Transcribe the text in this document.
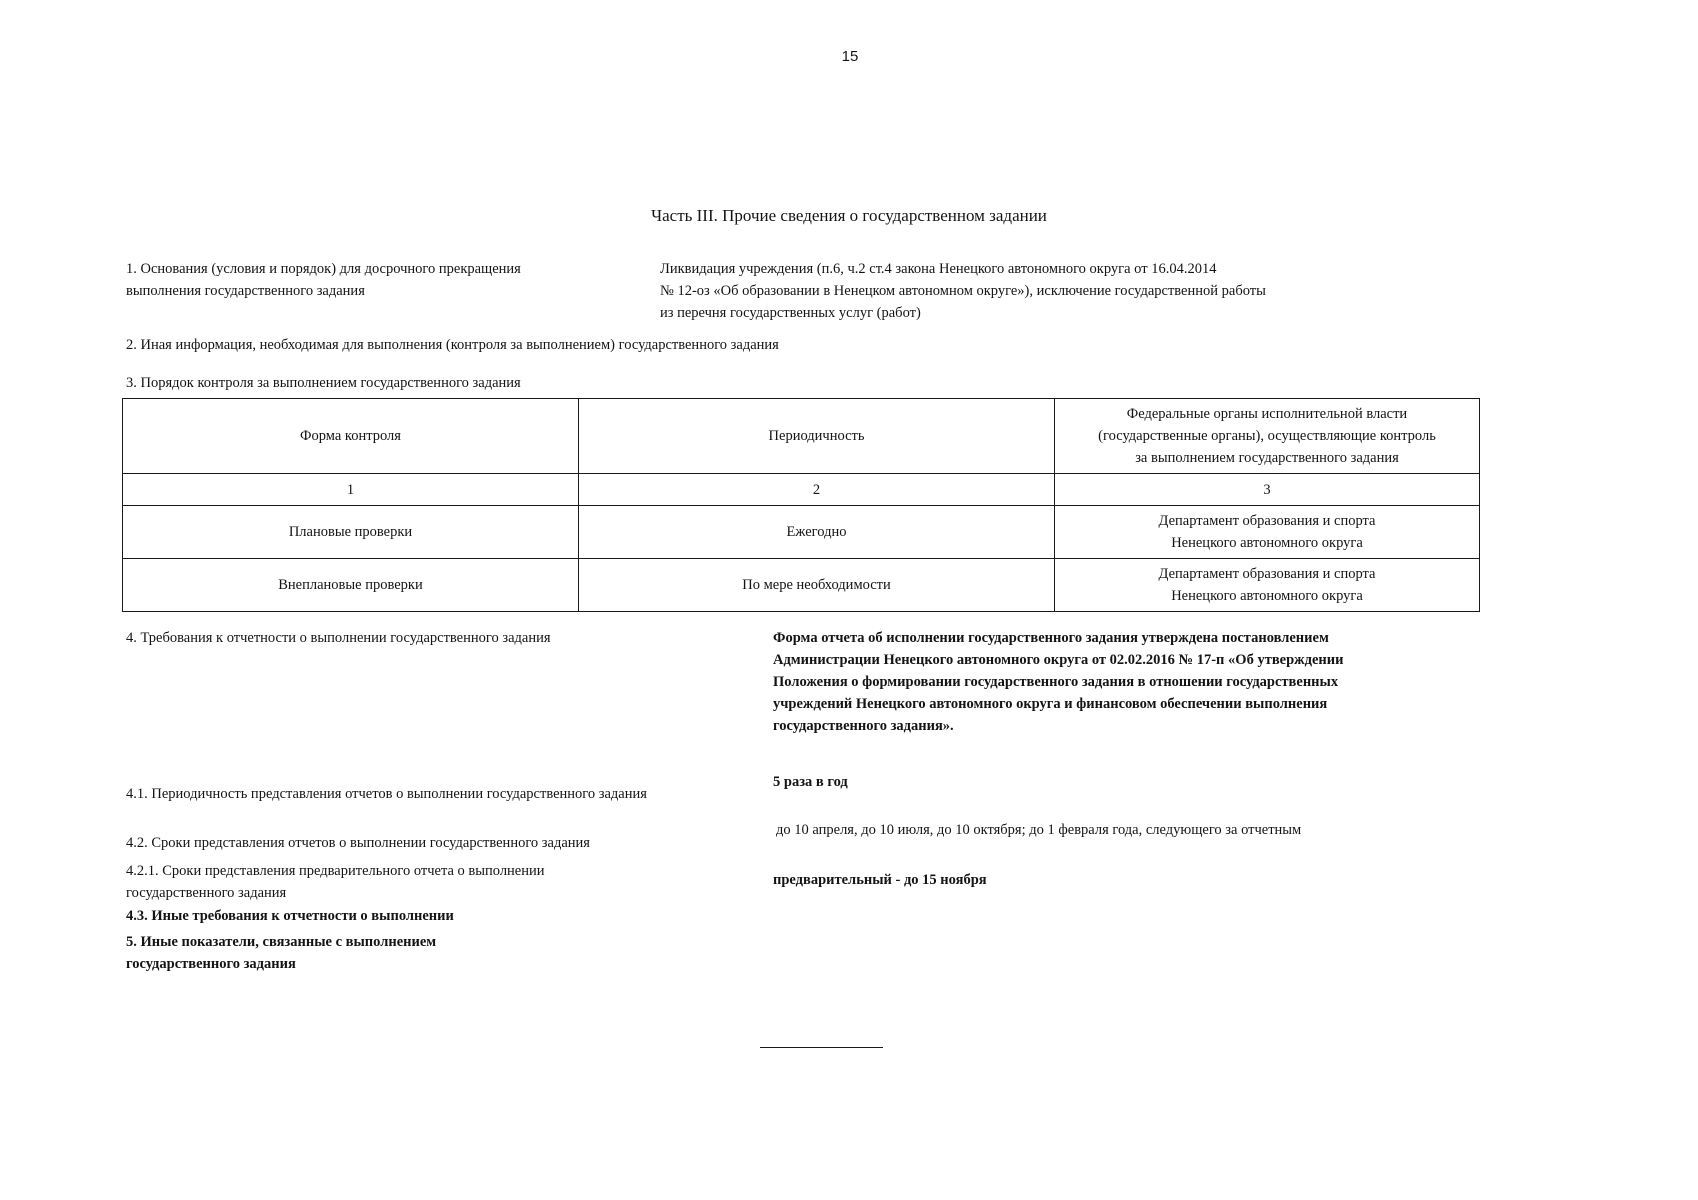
15
Часть III. Прочие сведения о государственном задании
1. Основания (условия и порядок) для досрочного прекращения
выполнения государственного задания
Ликвидация учреждения (п.6, ч.2 ст.4 закона Ненецкого автономного округа от 16.04.2014
№ 12-оз «Об образовании в Ненецком автономном округе»), исключение государственной работы
из перечня государственных услуг (работ)
2. Иная информация, необходимая для выполнения (контроля за выполнением) государственного задания
3. Порядок контроля за выполнением государственного задания
Форма контроля	Периодичность	Федеральные органы исполнительной власти
(государственные органы), осуществляющие контроль
за выполнением государственного задания

1	2	3
Плановые проверки	Ежегодно	Департамент образования и спорта
Ненецкого автономного округа

Внеплановые проверки	По мере необходимости	Департамент образования и спорта
Ненецкого автономного округа
4. Требования к отчетности о выполнении государственного задания	Форма отчета об исполнении государственного задания утверждена постановлением
Администрации Ненецкого автономного округа от 02.02.2016 № 17-п «Об утверждении
Положения о формировании государственного задания в отношении государственных
учреждений Ненецкого автономного округа и финансовом обеспечении выполнения
государственного задания».
4.1. Периодичность представления отчетов о выполнении государственного задания
5 раза в год
4.2. Сроки представления отчетов о выполнении государственного задания
до 10 апреля, до 10 июля, до 10 октября; до 1 февраля года, следующего за отчетным
4.2.1. Сроки представления предварительного отчета о выполнении
государственного задания
предварительный - до 15 ноября
4.3. Иные требования к отчетности о выполнении
5. Иные показатели, связанные с выполнением
государственного задания
